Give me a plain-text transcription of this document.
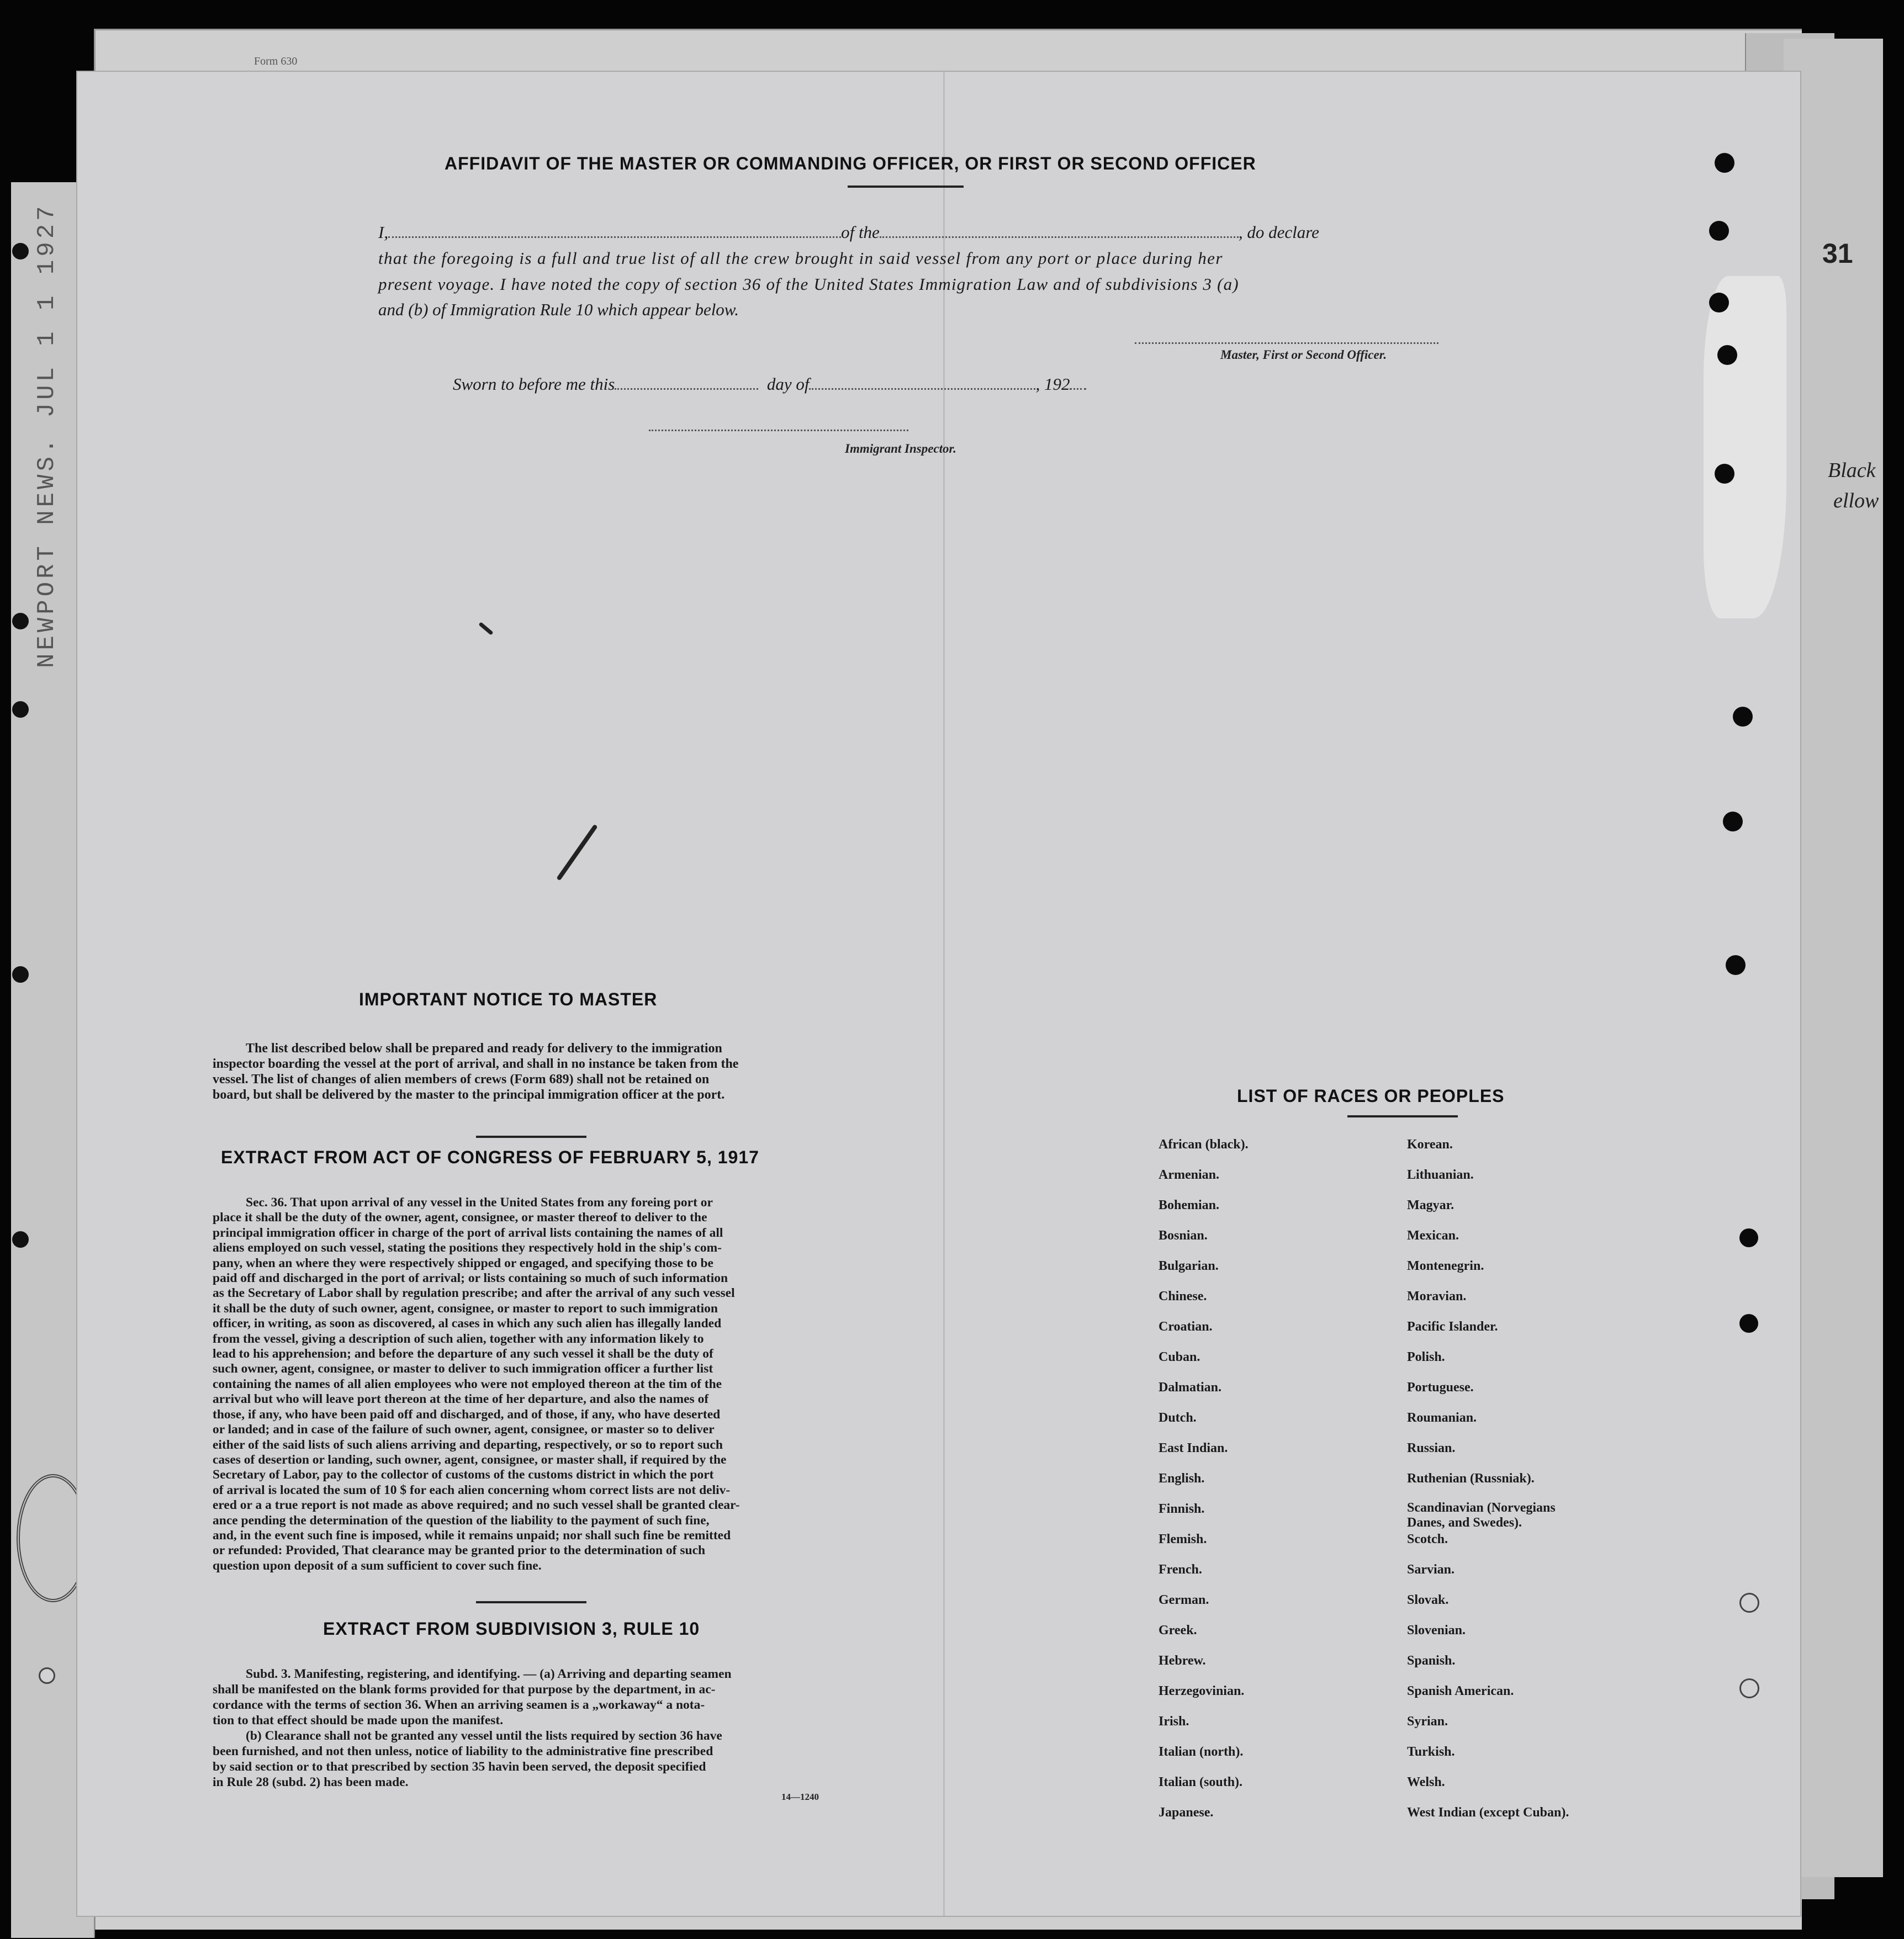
31
Black
ellow
NEWPORT NEWS. JUL 1 1 1927
Form 630
AFFIDAVIT OF THE MASTER OR COMMANDING OFFICER, OR FIRST OR SECOND OFFICER
I,	of the	, do declare
that the foregoing is a full and true list of all the crew brought in said vessel from any port or place during her
present voyage. I have noted the copy of section 36 of the United States Immigration Law and of subdivisions 3 (a)
and (b) of Immigration Rule 10 which appear below.
Master, First or Second Officer.
Sworn to before me this	day of	, 192
Immigrant Inspector.
IMPORTANT NOTICE TO MASTER
The list described below shall be prepared and ready for delivery to the immigration
inspector boarding the vessel at the port of arrival, and shall in no instance be taken from the
vessel. The list of changes of alien members of crews (Form 689) shall not be retained on
board, but shall be delivered by the master to the principal immigration officer at the port.
EXTRACT FROM ACT OF CONGRESS OF FEBRUARY 5, 1917
Sec. 36. That upon arrival of any vessel in the United States from any foreing port or
place it shall be the duty of the owner, agent, consignee, or master thereof to deliver to the
principal immigration officer in charge of the port of arrival lists containing the names of all
aliens employed on such vessel, stating the positions they respectively hold in the ship's com-
pany, when an where they were respectively shipped or engaged, and specifying those to be
paid off and discharged in the port of arrival; or lists containing so much of such information
as the Secretary of Labor shall by regulation prescribe; and after the arrival of any such vessel
it shall be the duty of such owner, agent, consignee, or master to report to such immigration
officer, in writing, as soon as discovered, al cases in which any such alien has illegally landed
from the vessel, giving a description of such alien, together with any information likely to
lead to his apprehension; and before the departure of any such vessel it shall be the duty of
such owner, agent, consignee, or master to deliver to such immigration officer a further list
containing the names of all alien employees who were not employed thereon at the tim of the
arrival but who will leave port thereon at the time of her departure, and also the names of
those, if any, who have been paid off and discharged, and of those, if any, who have deserted
or landed; and in case of the failure of such owner, agent, consignee, or master so to deliver
either of the said lists of such aliens arriving and departing, respectively, or so to report such
cases of desertion or landing, such owner, agent, consignee, or master shall, if required by the
Secretary of Labor, pay to the collector of customs of the customs district in which the port
of arrival is located the sum of 10 $ for each alien concerning whom correct lists are not deliv-
ered or a a true report is not made as above required; and no such vessel shall be granted clear-
ance pending the determination of the question of the liability to the payment of such fine,
and, in the event such fine is imposed, while it remains unpaid; nor shall such fine be remitted
or refunded: Provided, That clearance may be granted prior to the determination of such
question upon deposit of a sum sufficient to cover such fine.
EXTRACT FROM SUBDIVISION 3, RULE 10
Subd. 3. Manifesting, registering, and identifying. — (a) Arriving and departing seamen
shall be manifested on the blank forms provided for that purpose by the department, in ac-
cordance with the terms of section 36. When an arriving seamen is a „workaway“ a nota-
tion to that effect should be made upon the manifest.
(b) Clearance shall not be granted any vessel until the lists required by section 36 have
been furnished, and not then unless, notice of liability to the administrative fine prescribed
by said section or to that prescribed by section 35 havin been served, the deposit specified
in Rule 28 (subd. 2) has been made.
14—1240
LIST OF RACES OR PEOPLES
African (black).
Armenian.
Bohemian.
Bosnian.
Bulgarian.
Chinese.
Croatian.
Cuban.
Dalmatian.
Dutch.
East Indian.
English.
Finnish.
Flemish.
French.
German.
Greek.
Hebrew.
Herzegovinian.
Irish.
Italian (north).
Italian (south).
Japanese.
Korean.
Lithuanian.
Magyar.
Mexican.
Montenegrin.
Moravian.
Pacific Islander.
Polish.
Portuguese.
Roumanian.
Russian.
Ruthenian (Russniak).
Scandinavian (Norvegians
Danes, and Swedes).
Scotch.
Sarvian.
Slovak.
Slovenian.
Spanish.
Spanish American.
Syrian.
Turkish.
Welsh.
West Indian (except Cuban).
